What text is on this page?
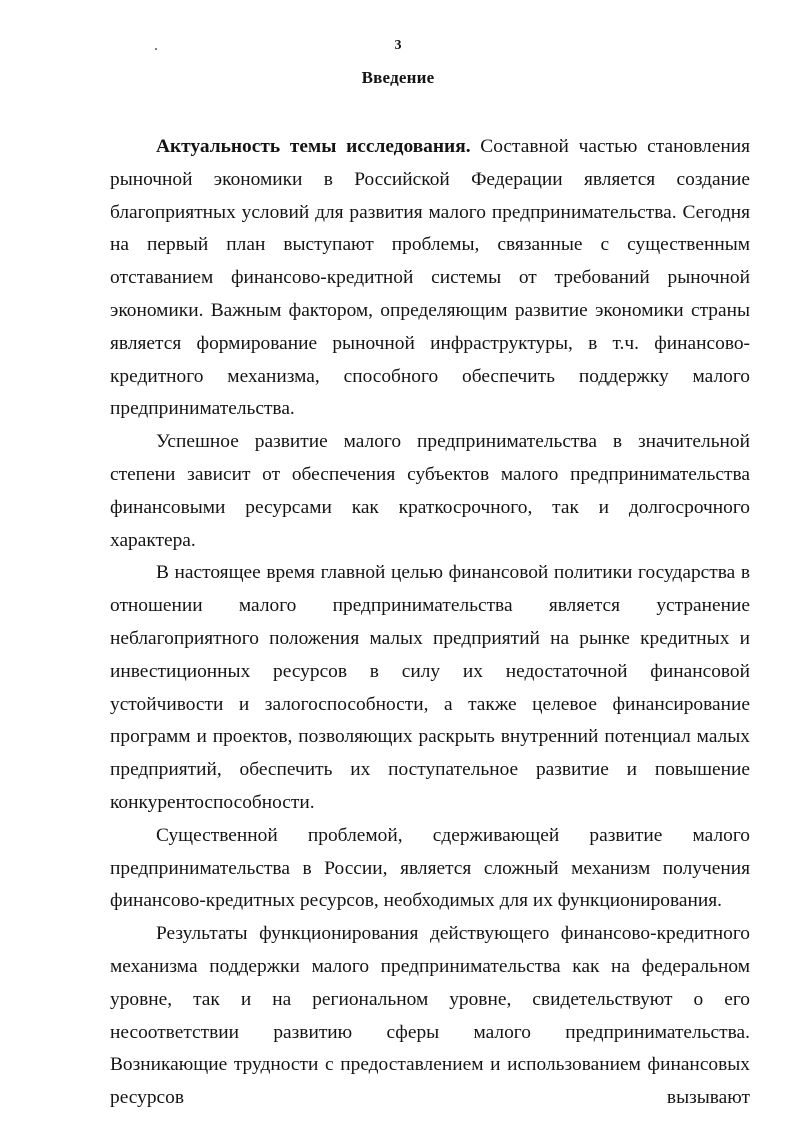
3
Введение

Актуальность темы исследования. Составной частью становления рыночной экономики в Российской Федерации является создание благоприятных условий для развития малого предпринимательства. Сегодня на первый план выступают проблемы, связанные с существенным отставанием финансово-кредитной системы от требований рыночной экономики. Важным фактором, определяющим развитие экономики страны является формирование рыночной инфраструктуры, в т.ч. финансово-кредитного механизма, способного обеспечить поддержку малого предпринимательства.

Успешное развитие малого предпринимательства в значительной степени зависит от обеспечения субъектов малого предпринимательства финансовыми ресурсами как краткосрочного, так и долгосрочного характера.

В настоящее время главной целью финансовой политики государства в отношении малого предпринимательства является устранение неблагоприятного положения малых предприятий на рынке кредитных и инвестиционных ресурсов в силу их недостаточной финансовой устойчивости и залогоспособности, а также целевое финансирование программ и проектов, позволяющих раскрыть внутренний потенциал малых предприятий, обеспечить их поступательное развитие и повышение конкурентоспособности.

Существенной проблемой, сдерживающей развитие малого предпринимательства в России, является сложный механизм получения финансово-кредитных ресурсов, необходимых для их функционирования.

Результаты функционирования действующего финансово-кредитного механизма поддержки малого предпринимательства как на федеральном уровне, так и на региональном уровне, свидетельствуют о его несоответствии развитию сферы малого предпринимательства. Возникающие трудности с предоставлением и использованием финансовых ресурсов вызывают
